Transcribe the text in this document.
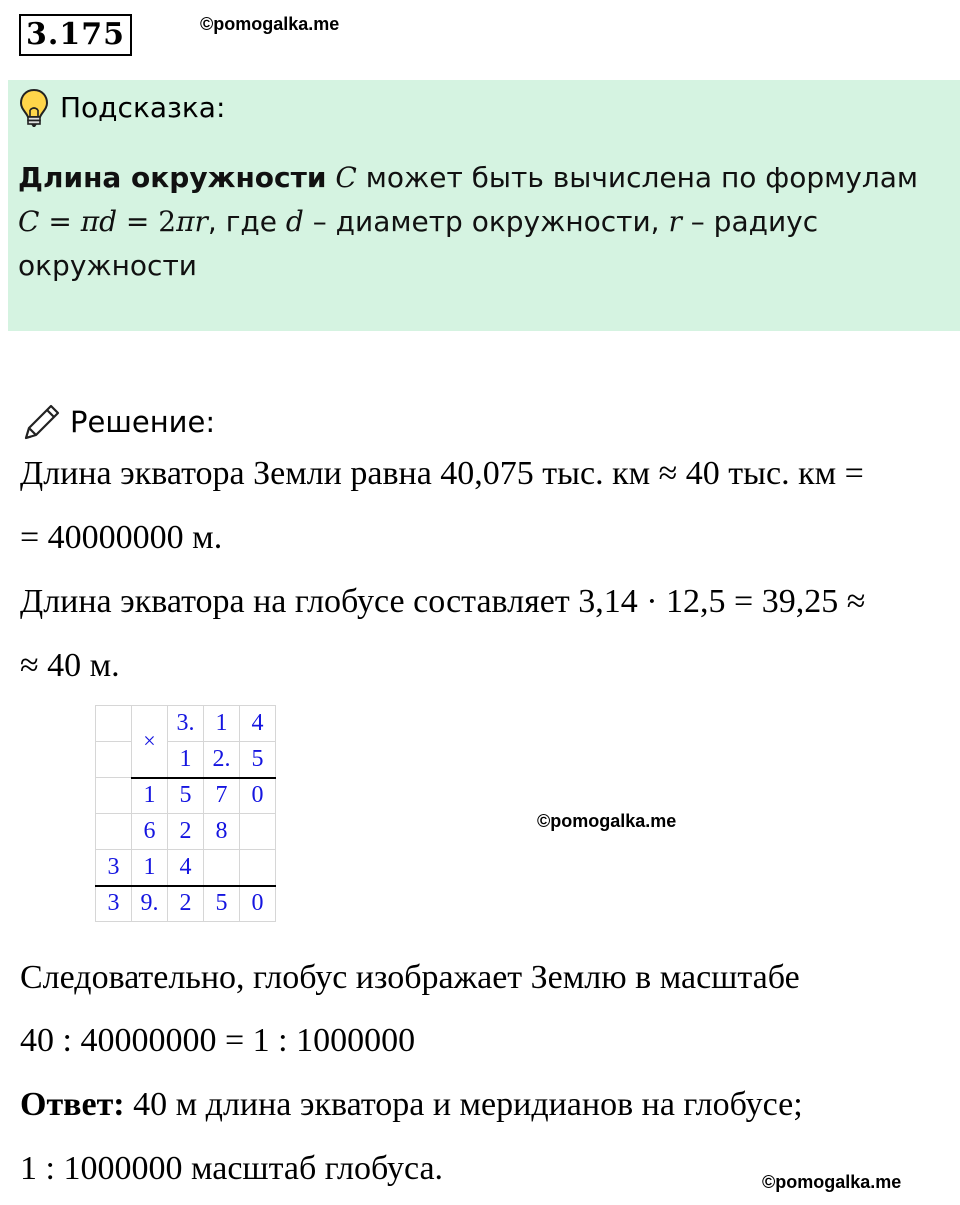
3.175	©pomogalka.me
Подсказка:
Длина окружности C может быть вычислена по формулам
C = πd = 2πr, где d – диаметр окружности, r – радиус
окружности
Решение:
Длина экватора Земли равна 40,075 тыс. км ≈ 40 тыс. км =
= 40000000 м.
Длина экватора на глобусе составляет 3,14 · 12,5 = 39,25 ≈
≈ 40 м.
	×	3.	1	4
		1	2.	5
	1	5	7	0
	6	2	8	
3	1	4		
3	9.	2	5	0
©pomogalka.me
Следовательно, глобус изображает Землю в масштабе
40 : 40000000 = 1 : 1000000
Ответ: 40 м длина экватора и меридианов на глобусе;
1 : 1000000 масштаб глобуса.	©pomogalka.me
